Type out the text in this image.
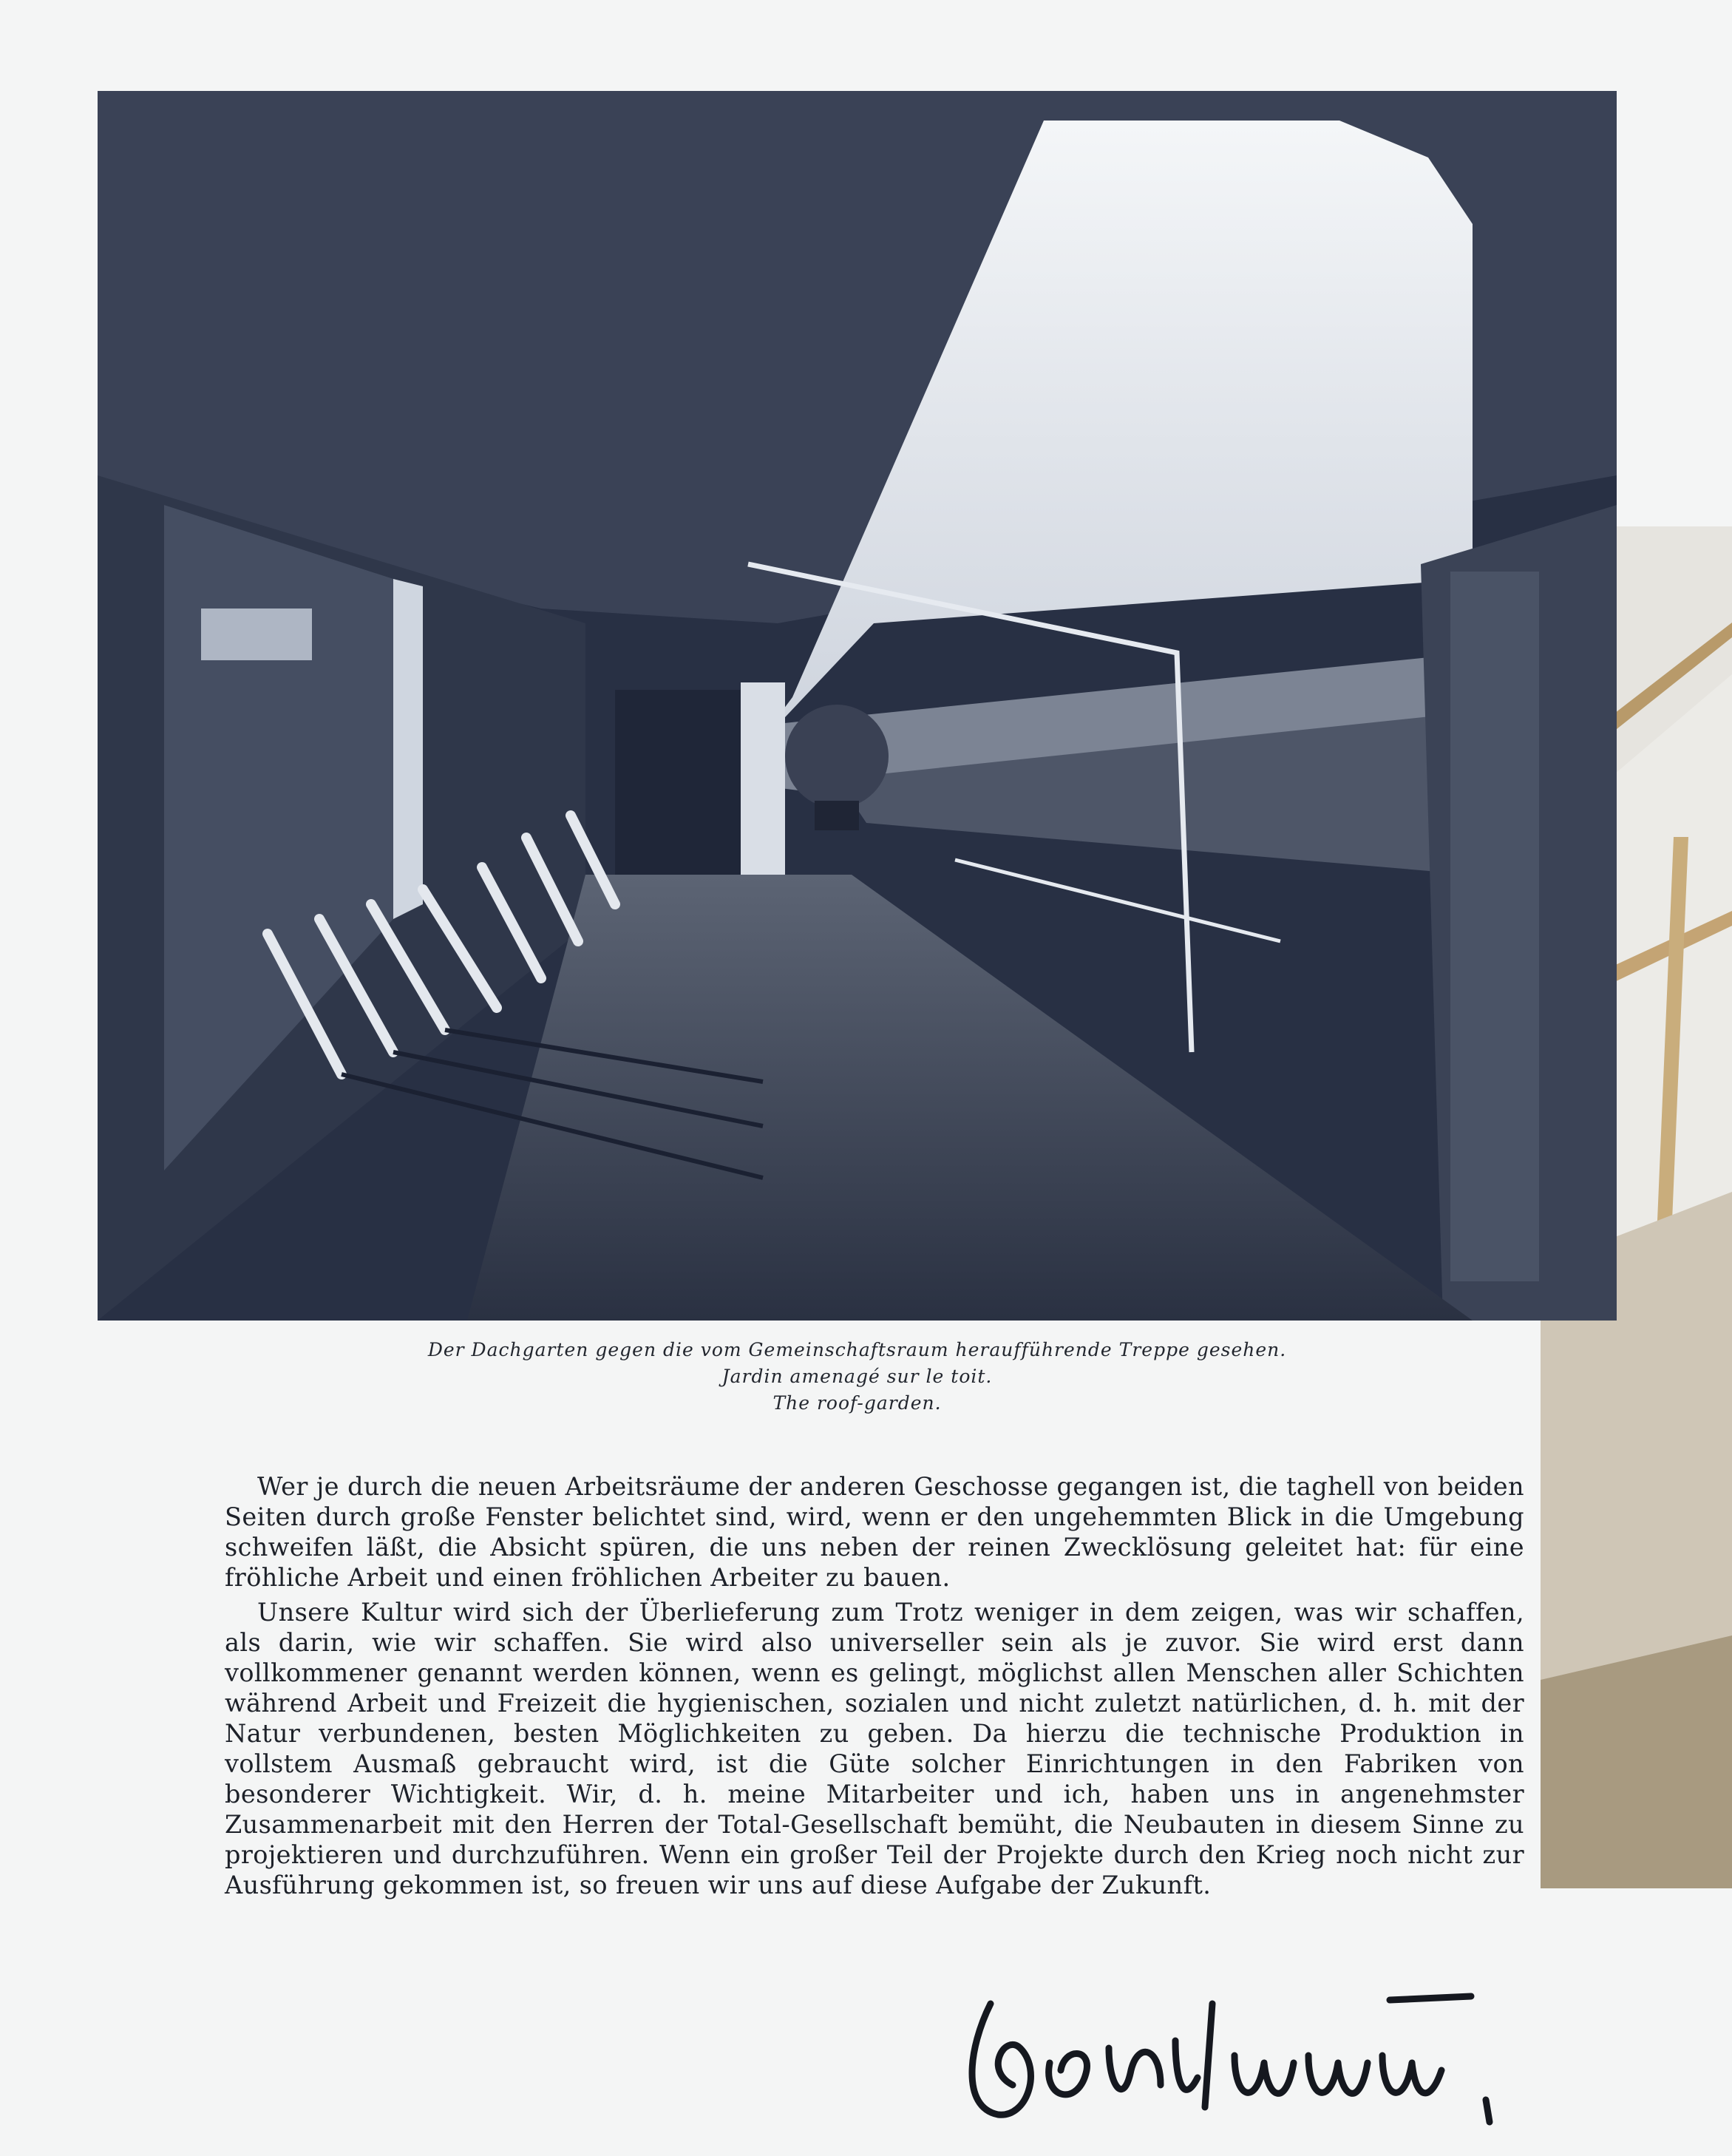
Der Dachgarten gegen die vom Gemeinschaftsraum heraufführende Treppe gesehen.
Jardin amenagé sur le toit.
The roof-garden.

Wer je durch die neuen Arbeitsräume der anderen Geschosse gegangen ist, die taghell von beiden Seiten durch große Fenster belichtet sind, wird, wenn er den ungehemmten Blick in die Umgebung schweifen läßt, die Absicht spüren, die uns neben der reinen Zwecklösung geleitet hat: für eine fröhliche Arbeit und einen fröhlichen Arbeiter zu bauen.

Unsere Kultur wird sich der Überlieferung zum Trotz weniger in dem zeigen, was wir schaffen, als darin, wie wir schaffen. Sie wird also universeller sein als je zuvor. Sie wird erst dann vollkommener genannt werden können, wenn es gelingt, möglichst allen Menschen aller Schichten während Arbeit und Freizeit die hygienischen, sozialen und nicht zuletzt natürlichen, d. h. mit der Natur verbundenen, besten Möglichkeiten zu geben. Da hierzu die technische Produktion in vollstem Ausmaß gebraucht wird, ist die Güte solcher Einrichtungen in den Fabriken von besonderer Wichtigkeit. Wir, d. h. meine Mitarbeiter und ich, haben uns in angenehmster Zusammenarbeit mit den Herren der Total-Gesellschaft bemüht, die Neubauten in diesem Sinne zu projektieren und durchzuführen. Wenn ein großer Teil der Projekte durch den Krieg noch nicht zur Ausführung gekommen ist, so freuen wir uns auf diese Aufgabe der Zukunft.
